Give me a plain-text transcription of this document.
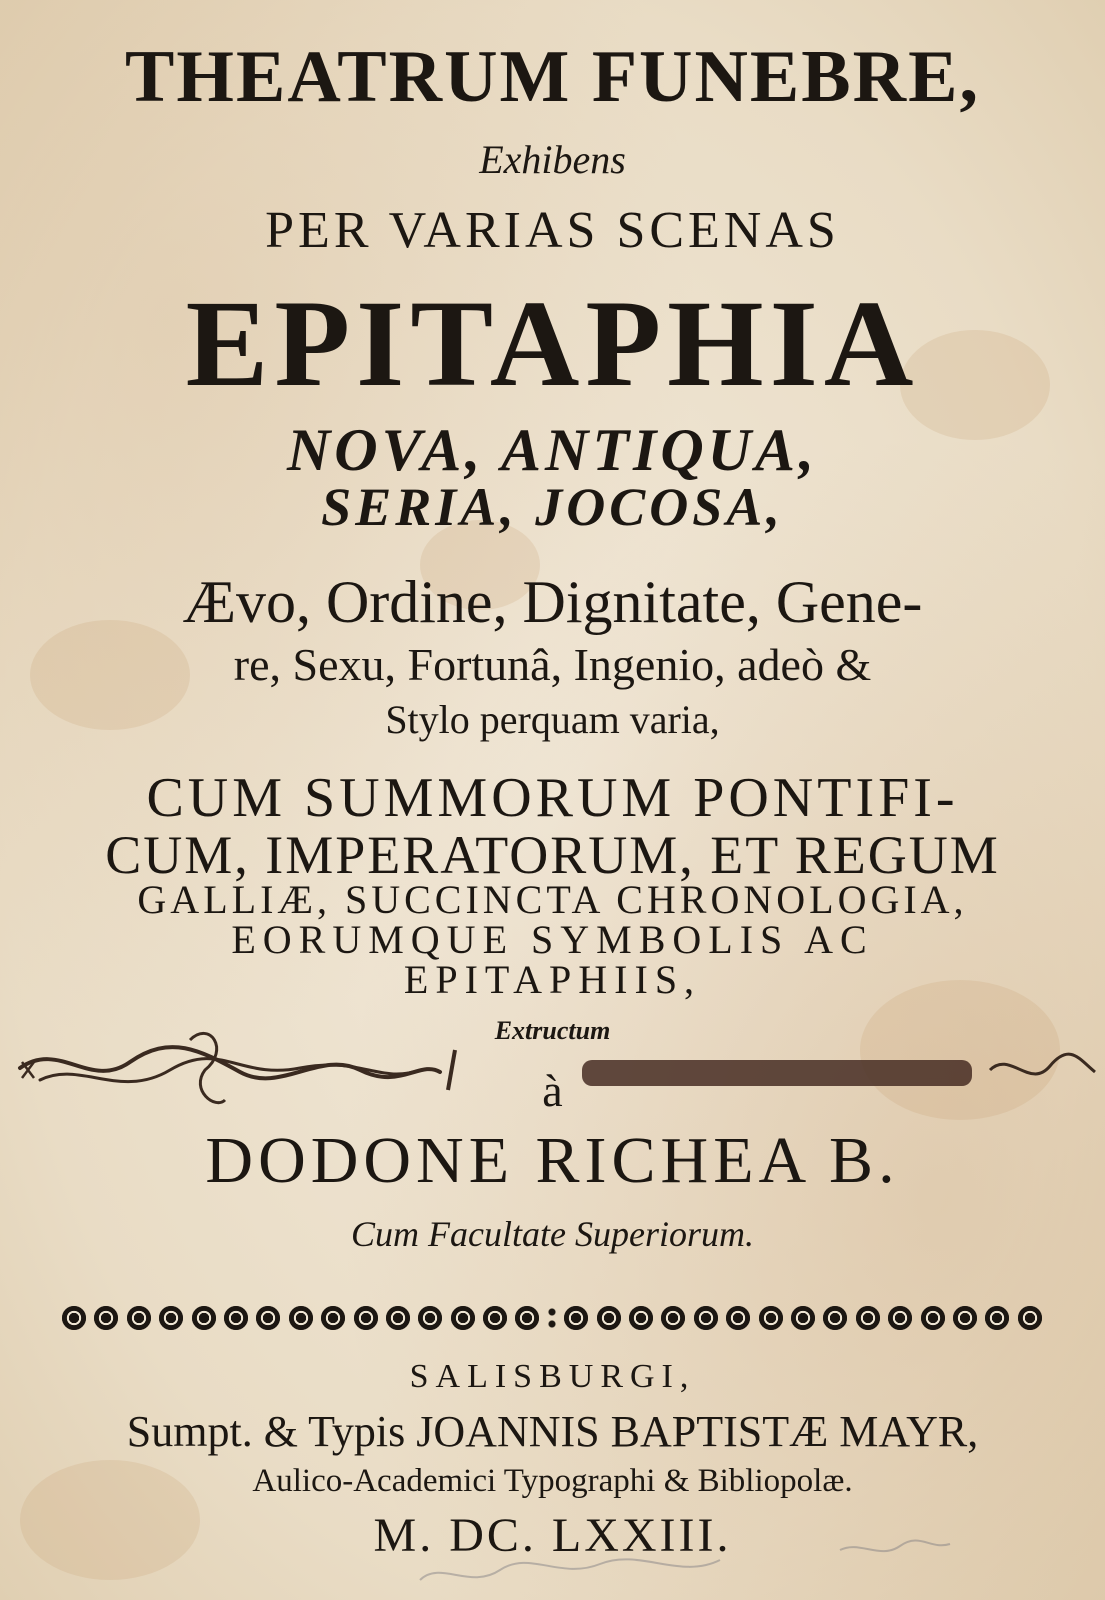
THEATRUM FUNEBRE,
Exhibens
PER VARIAS SCENAS
EPITAPHIA
NOVA, ANTIQUA,
SERIA, JOCOSA,
Ævo, Ordine, Dignitate, Gene-
re, Sexu, Fortunâ, Ingenio, adeò &
Stylo perquam varia,
CUM SUMMORUM PONTIFI-
CUM, IMPERATORUM, ET REGUM
GALLIÆ, SUCCINCTA CHRONOLOGIA,
EORUMQUE SYMBOLIS AC
EPITAPHIIS,
Extructum
à
DODONE RICHEA B.
Cum Facultate Superiorum.
SALISBURGI,
Sumpt. & Typis JOANNIS BAPTISTÆ MAYR,
Aulico-Academici Typographi & Bibliopolæ.
M. DC. LXXIII.
